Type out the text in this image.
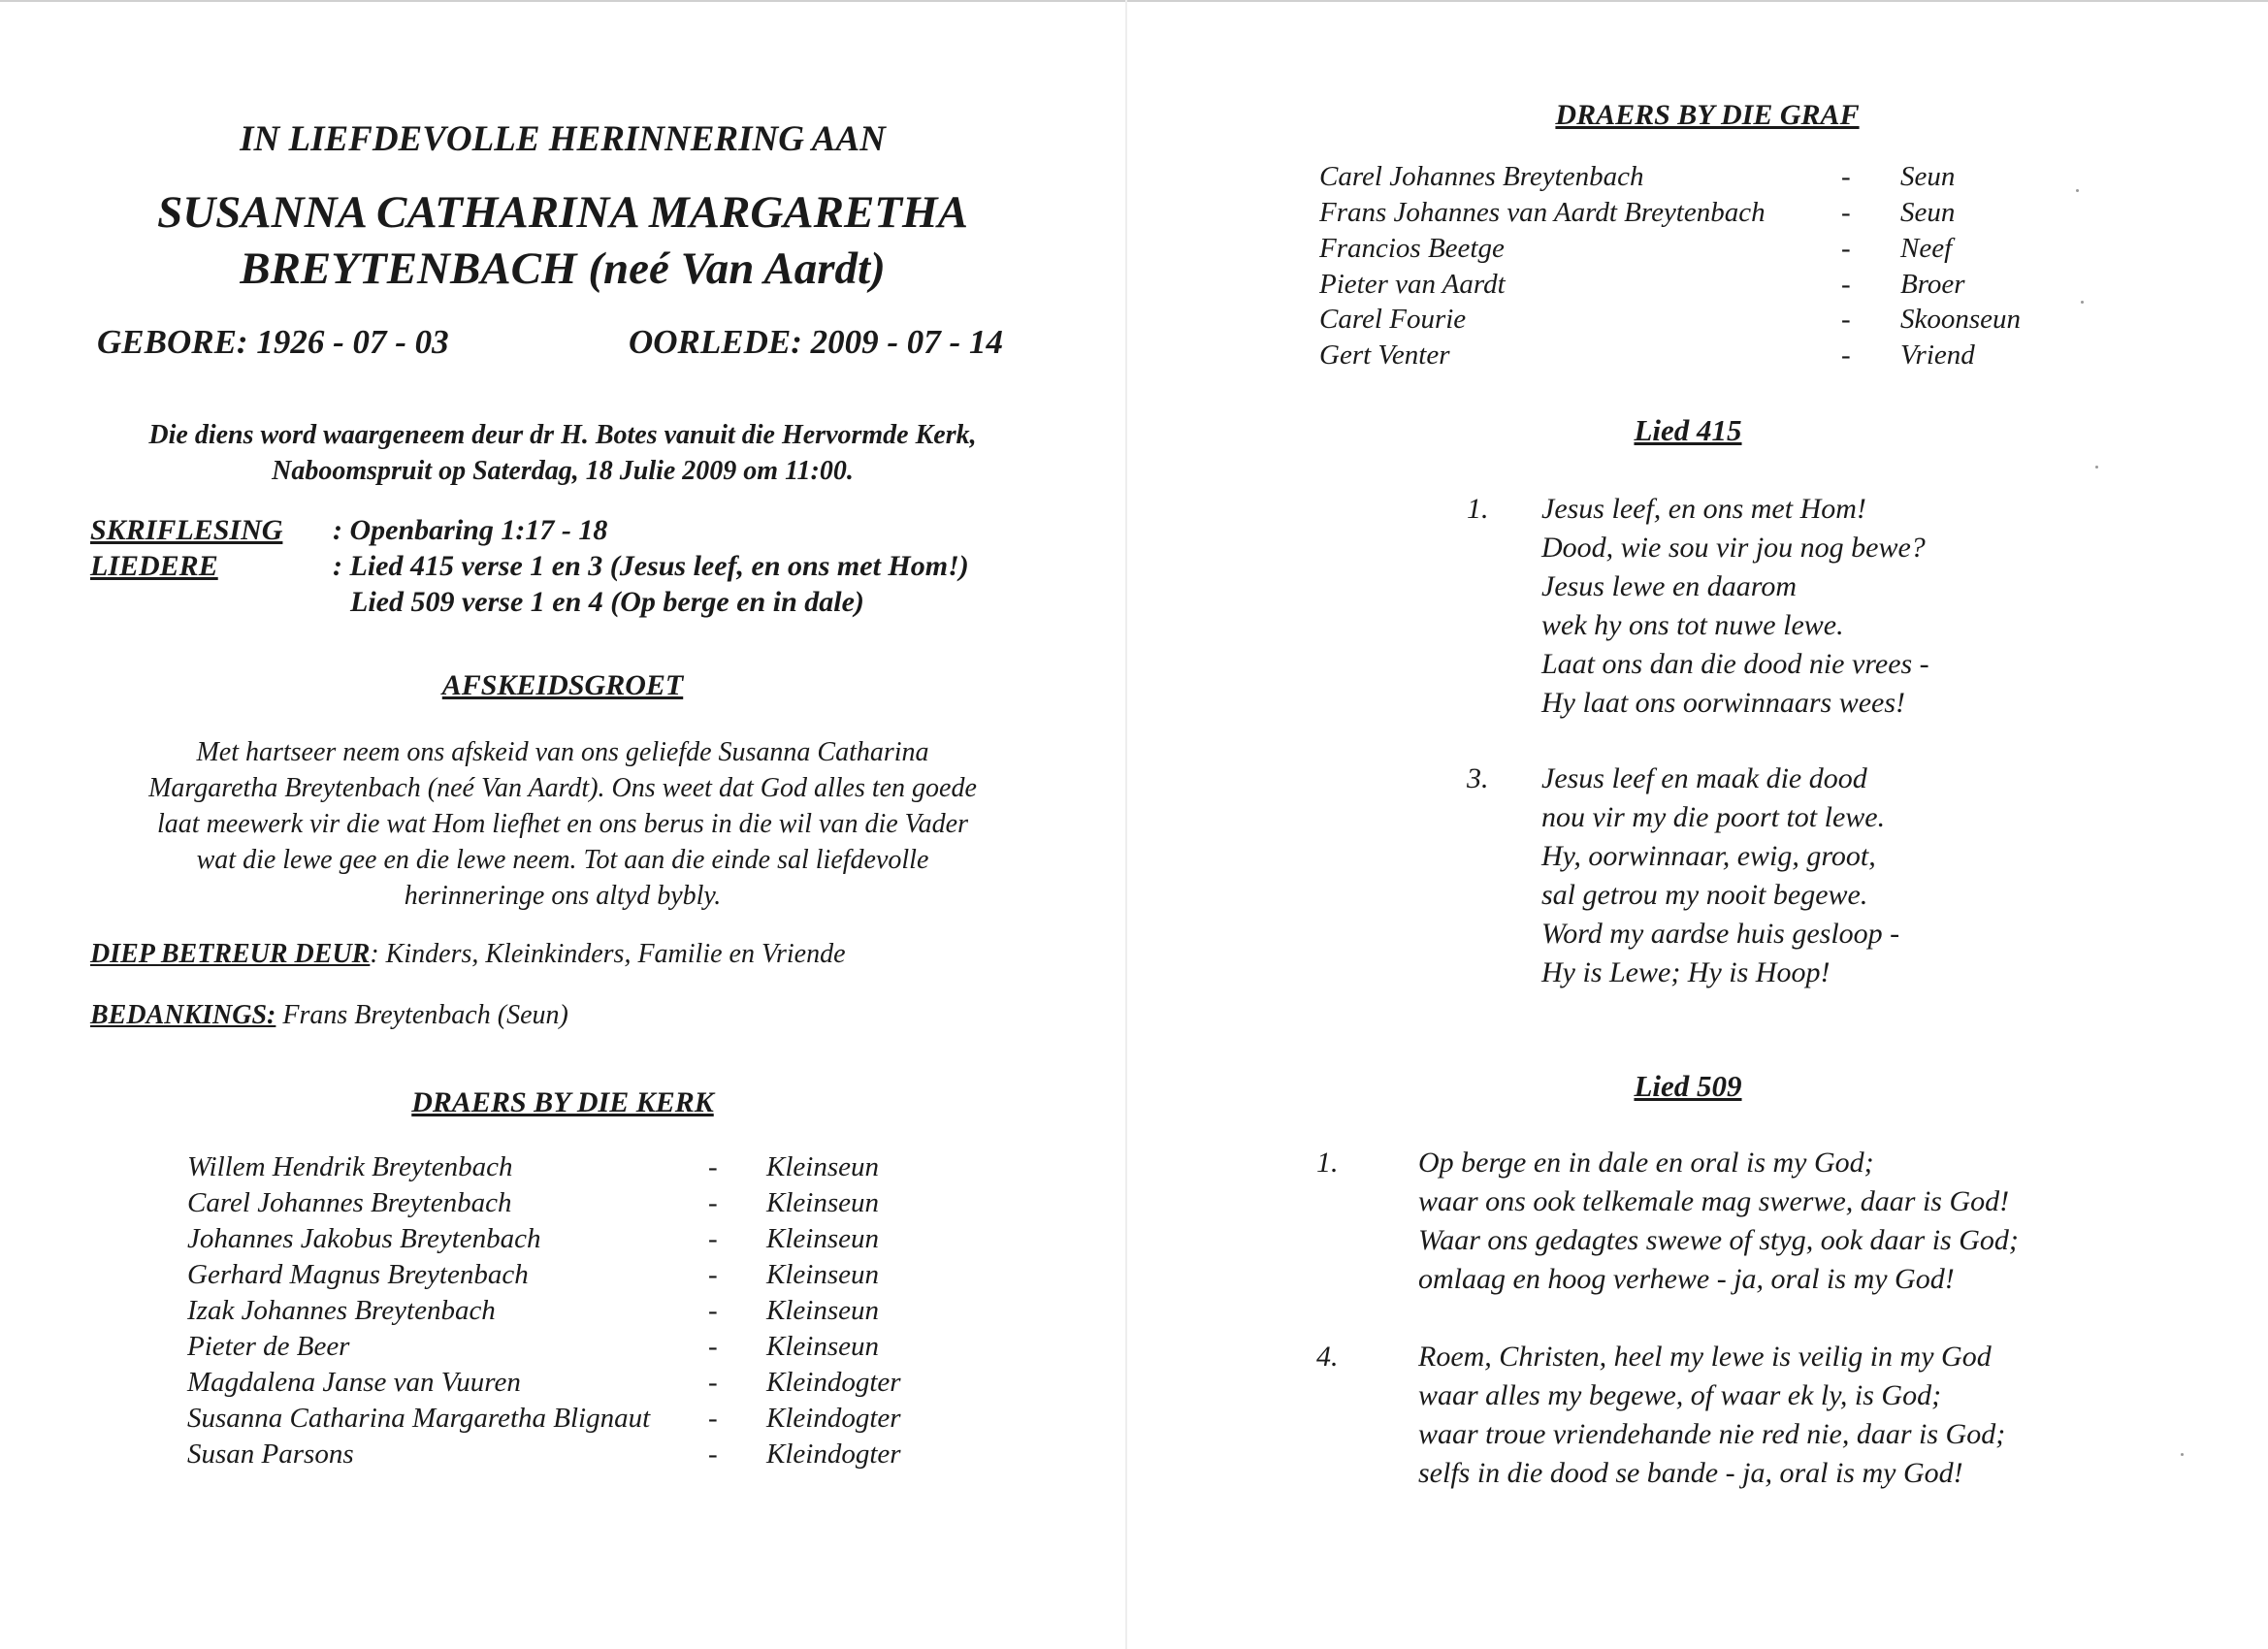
IN LIEFDEVOLLE HERINNERING AAN
SUSANNA CATHARINA MARGARETHA
BREYTENBACH (neé Van Aardt)
GEBORE: 1926 - 07 - 03	OORLEDE: 2009 - 07 - 14
Die diens word waargeneem deur dr H. Botes vanuit die Hervormde Kerk,
Naboomspruit op Saterdag, 18 Julie 2009 om 11:00.
SKRIFLESING : Openbaring 1:17 - 18
LIEDERE	: Lied 415 verse 1 en 3 (Jesus leef, en ons met Hom!)
Lied 509 verse 1 en 4 (Op berge en in dale)
AFSKEIDSGROET
Met hartseer neem ons afskeid van ons geliefde Susanna Catharina
Margaretha Breytenbach (neé Van Aardt). Ons weet dat God alles ten goede
laat meewerk vir die wat Hom liefhet en ons berus in die wil van die Vader
wat die lewe gee en die lewe neem. Tot aan die einde sal liefdevolle
herinneringe ons altyd bybly.
DIEP BETREUR DEUR: Kinders, Kleinkinders, Familie en Vriende
BEDANKINGS: Frans Breytenbach (Seun)
DRAERS BY DIE KERK
Willem Hendrik Breytenbach	- Kleinseun
Carel Johannes Breytenbach	- Kleinseun
Johannes Jakobus Breytenbach	- Kleinseun
Gerhard Magnus Breytenbach	- Kleinseun
Izak Johannes Breytenbach	- Kleinseun
Pieter de Beer	- Kleinseun
Magdalena Janse van Vuuren	- Kleindogter
Susanna Catharina Margaretha Blignaut - Kleindogter
Susan Parsons	- Kleindogter
DRAERS BY DIE GRAF
Carel Johannes Breytenbach	- Seun
Frans Johannes van Aardt Breytenbach	- Seun
Francios Beetge	- Neef
Pieter van Aardt	- Broer
Carel Fourie	- Skoonseun
Gert Venter	- Vriend
Lied 415
1. Jesus leef, en ons met Hom!
Dood, wie sou vir jou nog bewe?
Jesus lewe en daarom
wek hy ons tot nuwe lewe.
Laat ons dan die dood nie vrees -
Hy laat ons oorwinnaars wees!
3. Jesus leef en maak die dood
nou vir my die poort tot lewe.
Hy, oorwinnaar, ewig, groot,
sal getrou my nooit begewe.
Word my aardse huis gesloop -
Hy is Lewe; Hy is Hoop!
Lied 509
1.	Op berge en in dale en oral is my God;
waar ons ook telkemale mag swerwe, daar is God!
Waar ons gedagtes swewe of styg, ook daar is God;
omlaag en hoog verhewe - ja, oral is my God!
4.	Roem, Christen, heel my lewe is veilig in my God
waar alles my begewe, of waar ek ly, is God;
waar troue vriendehande nie red nie, daar is God;
selfs in die dood se bande - ja, oral is my God!
